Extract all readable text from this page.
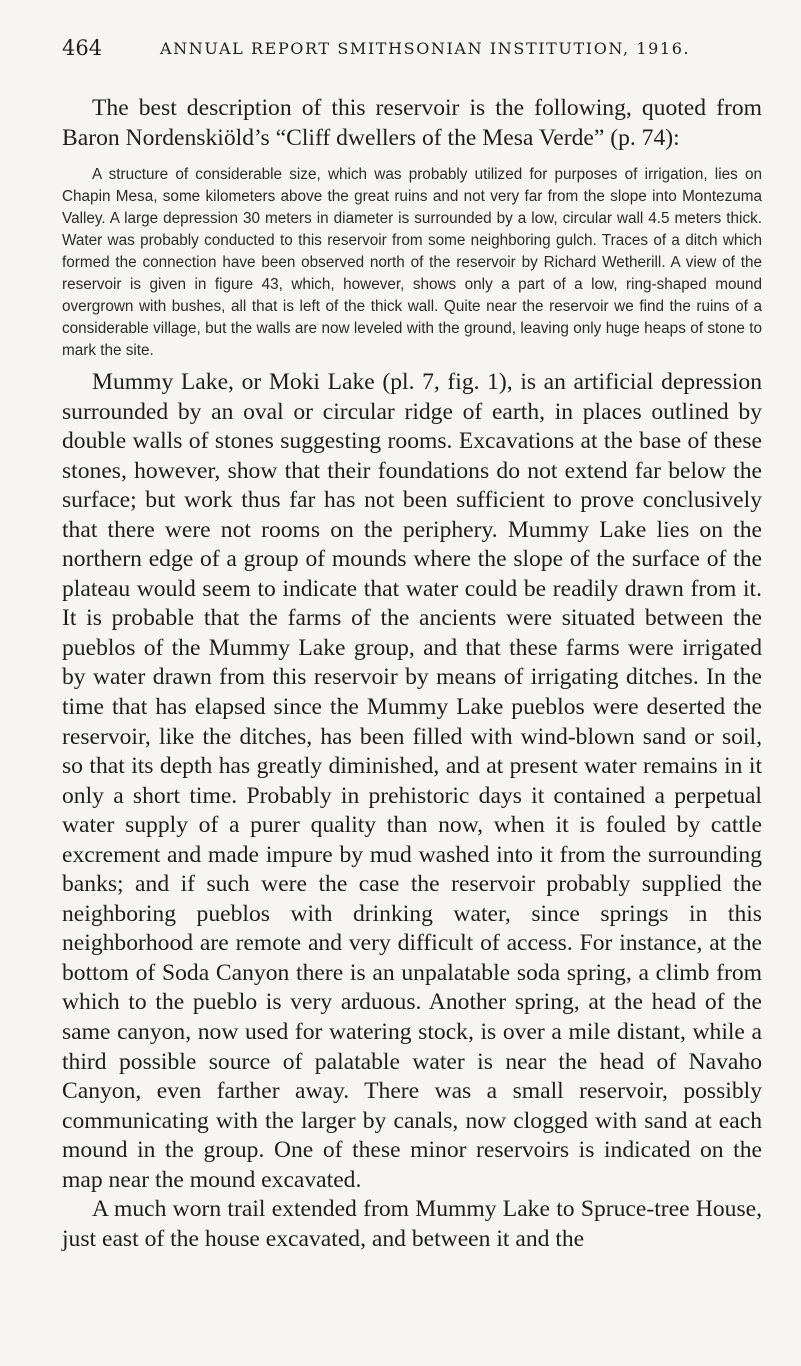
464	ANNUAL REPORT SMITHSONIAN INSTITUTION, 1916.

The best description of this reservoir is the following, quoted from Baron Nordenskiöld’s “Cliff dwellers of the Mesa Verde” (p. 74):

A structure of considerable size, which was probably utilized for purposes of irrigation, lies on Chapin Mesa, some kilometers above the great ruins and not very far from the slope into Montezuma Valley. A large depression 30 meters in diameter is surrounded by a low, circular wall 4.5 meters thick. Water was probably conducted to this reservoir from some neighboring gulch. Traces of a ditch which formed the connection have been observed north of the reservoir by Richard Wetherill. A view of the reservoir is given in figure 43, which, however, shows only a part of a low, ring-shaped mound overgrown with bushes, all that is left of the thick wall. Quite near the reservoir we find the ruins of a considerable village, but the walls are now leveled with the ground, leaving only huge heaps of stone to mark the site.

Mummy Lake, or Moki Lake (pl. 7, fig. 1), is an artificial depression surrounded by an oval or circular ridge of earth, in places outlined by double walls of stones suggesting rooms. Excavations at the base of these stones, however, show that their foundations do not extend far below the surface; but work thus far has not been sufficient to prove conclusively that there were not rooms on the periphery. Mummy Lake lies on the northern edge of a group of mounds where the slope of the surface of the plateau would seem to indicate that water could be readily drawn from it. It is probable that the farms of the ancients were situated between the pueblos of the Mummy Lake group, and that these farms were irrigated by water drawn from this reservoir by means of irrigating ditches. In the time that has elapsed since the Mummy Lake pueblos were deserted the reservoir, like the ditches, has been filled with wind-blown sand or soil, so that its depth has greatly diminished, and at present water remains in it only a short time. Probably in prehistoric days it contained a perpetual water supply of a purer quality than now, when it is fouled by cattle excrement and made impure by mud washed into it from the surrounding banks; and if such were the case the reservoir probably supplied the neighboring pueblos with drinking water, since springs in this neighborhood are remote and very difficult of access. For instance, at the bottom of Soda Canyon there is an unpalatable soda spring, a climb from which to the pueblo is very arduous. Another spring, at the head of the same canyon, now used for watering stock, is over a mile distant, while a third possible source of palatable water is near the head of Navaho Canyon, even farther away. There was a small reservoir, possibly communicating with the larger by canals, now clogged with sand at each mound in the group. One of these minor reservoirs is indicated on the map near the mound excavated.

A much worn trail extended from Mummy Lake to Spruce-tree House, just east of the house excavated, and between it and the
